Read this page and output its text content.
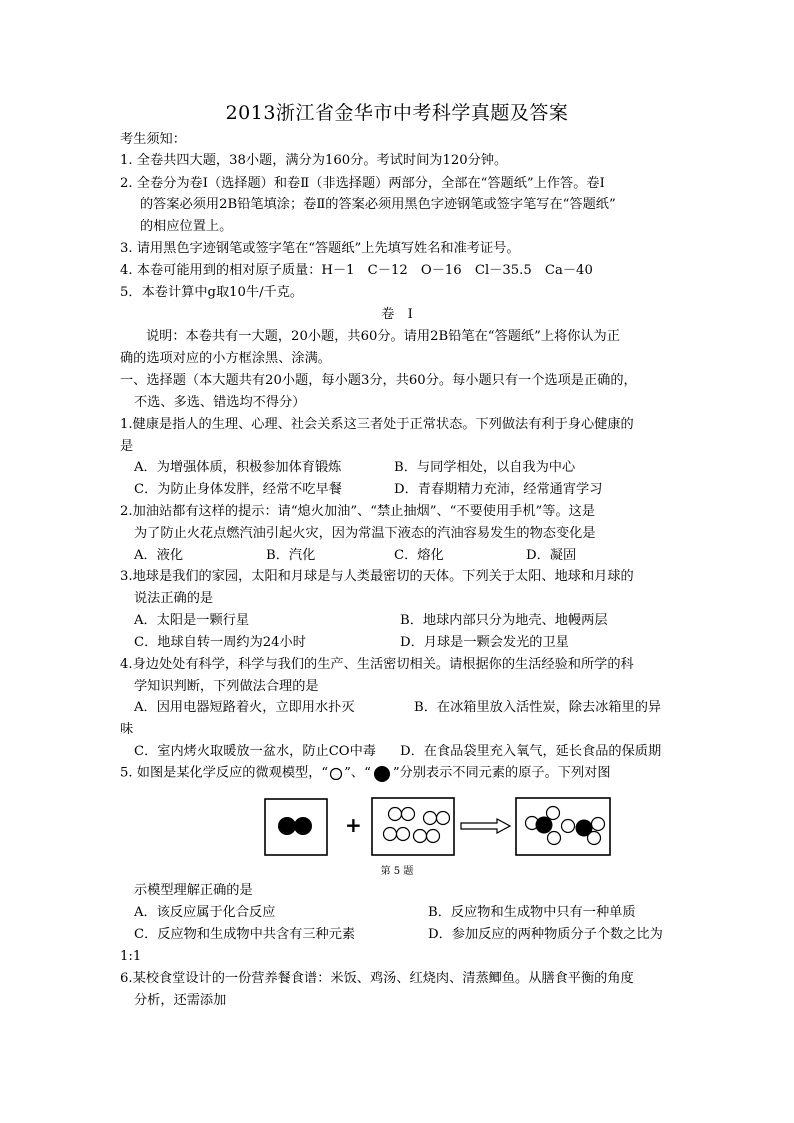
2013浙江省金华市中考科学真题及答案
考生须知：
1. 全卷共四大题，38小题，满分为160分。考试时间为120分钟。
2. 全卷分为卷Ⅰ（选择题）和卷Ⅱ（非选择题）两部分，全部在“答题纸”上作答。卷Ⅰ
的答案必须用2B铅笔填涂；卷Ⅱ的答案必须用黑色字迹钢笔或签字笔写在“答题纸”
的相应位置上。
3. 请用黑色字迹钢笔或签字笔在“答题纸”上先填写姓名和准考证号。
4. 本卷可能用到的相对原子质量：H－1　C－12　O－16　Cl－35.5　Ca－40
5．本卷计算中g取10牛/千克。
卷　Ⅰ
说明：本卷共有一大题，20小题，共60分。请用2B铅笔在“答题纸”上将你认为正
确的选项对应的小方框涂黑、涂满。
一、选择题（本大题共有20小题，每小题3分，共60分。每小题只有一个选项是正确的，
不选、多选、错选均不得分）
1.健康是指人的生理、心理、社会关系这三者处于正常状态。下列做法有利于身心健康的
是
A．为增强体质，积极参加体育锻炼	B．与同学相处，以自我为中心
C．为防止身体发胖，经常不吃早餐	D．青春期精力充沛，经常通宵学习
2.加油站都有这样的提示：请“熄火加油”、“禁止抽烟”、“不要使用手机”等。这是
为了防止火花点燃汽油引起火灾，因为常温下液态的汽油容易发生的物态变化是
A．液化	B．汽化	C．熔化	D．凝固
3.地球是我们的家园，太阳和月球是与人类最密切的天体。下列关于太阳、地球和月球的
说法正确的是
A．太阳是一颗行星	B．地球内部只分为地壳、地幔两层
C．地球自转一周约为24小时	D．月球是一颗会发光的卫星
4.身边处处有科学，科学与我们的生产、生活密切相关。请根据你的生活经验和所学的科
学知识判断，下列做法合理的是
A．因用电器短路着火，立即用水扑灭	B．在冰箱里放入活性炭，除去冰箱里的异
味
C．室内烤火取暖放一盆水，防止CO中毒 D．在食品袋里充入氧气，延长食品的保质期
5. 如图是某化学反应的微观模型，“ ”、“ ”分别表示不同元素的原子。下列对图
+
第 5 题
示模型理解正确的是
A．该反应属于化合反应	B．反应物和生成物中只有一种单质
C．反应物和生成物中共含有三种元素	D．参加反应的两种物质分子个数之比为
1:1
6.某校食堂设计的一份营养餐食谱：米饭、鸡汤、红烧肉、清蒸鲫鱼。从膳食平衡的角度
分析，还需添加
